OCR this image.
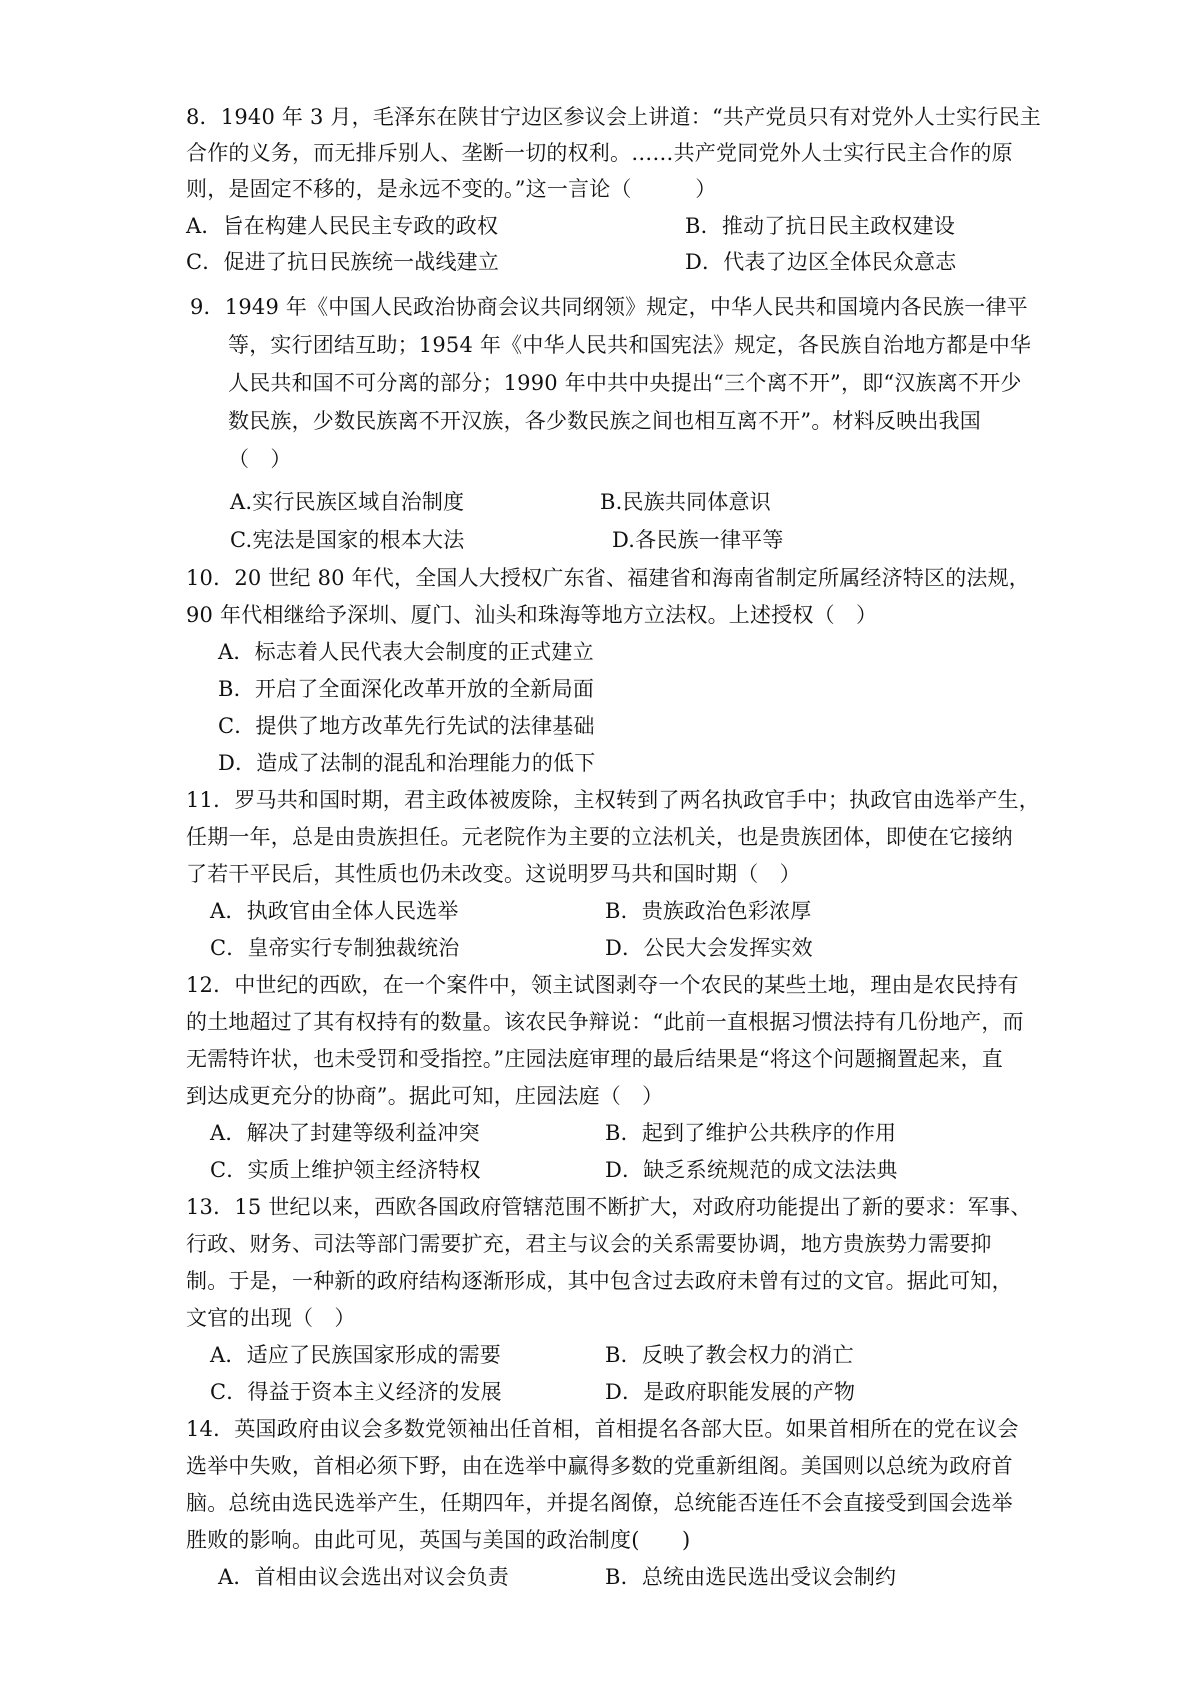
8．1940 年 3 月，毛泽东在陕甘宁边区参议会上讲道：“共产党员只有对党外人士实行民主
合作的义务，而无排斥别人、垄断一切的权利。……共产党同党外人士实行民主合作的原
则，是固定不移的，是永远不变的。”这一言论（　　　）
A．旨在构建人民民主专政的政权	B．推动了抗日民主政权建设
C．促进了抗日民族统一战线建立	D．代表了边区全体民众意志
9．1949 年《中国人民政治协商会议共同纲领》规定，中华人民共和国境内各民族一律平
等，实行团结互助；1954 年《中华人民共和国宪法》规定，各民族自治地方都是中华
人民共和国不可分离的部分；1990 年中共中央提出“三个离不开”，即“汉族离不开少
数民族，少数民族离不开汉族，各少数民族之间也相互离不开”。材料反映出我国
（　）
A.实行民族区域自治制度	B.民族共同体意识
C.宪法是国家的根本大法	D.各民族一律平等
10．20 世纪 80 年代，全国人大授权广东省、福建省和海南省制定所属经济特区的法规，
90 年代相继给予深圳、厦门、汕头和珠海等地方立法权。上述授权（　）
A．标志着人民代表大会制度的正式建立
B．开启了全面深化改革开放的全新局面
C．提供了地方改革先行先试的法律基础
D．造成了法制的混乱和治理能力的低下
11．罗马共和国时期，君主政体被废除，主权转到了两名执政官手中；执政官由选举产生，
任期一年，总是由贵族担任。元老院作为主要的立法机关，也是贵族团体，即使在它接纳
了若干平民后，其性质也仍未改变。这说明罗马共和国时期（　）
A．执政官由全体人民选举	B．贵族政治色彩浓厚
C．皇帝实行专制独裁统治	D．公民大会发挥实效
12．中世纪的西欧，在一个案件中，领主试图剥夺一个农民的某些土地，理由是农民持有
的土地超过了其有权持有的数量。该农民争辩说：“此前一直根据习惯法持有几份地产，而
无需特许状，也未受罚和受指控。”庄园法庭审理的最后结果是“将这个问题搁置起来，直
到达成更充分的协商”。据此可知，庄园法庭（　）
A．解决了封建等级利益冲突	B．起到了维护公共秩序的作用
C．实质上维护领主经济特权	D．缺乏系统规范的成文法法典
13．15 世纪以来，西欧各国政府管辖范围不断扩大，对政府功能提出了新的要求：军事、
行政、财务、司法等部门需要扩充，君主与议会的关系需要协调，地方贵族势力需要抑
制。于是，一种新的政府结构逐渐形成，其中包含过去政府未曾有过的文官。据此可知，
文官的出现（　）
A．适应了民族国家形成的需要	B．反映了教会权力的消亡
C．得益于资本主义经济的发展	D．是政府职能发展的产物
14．英国政府由议会多数党领袖出任首相，首相提名各部大臣。如果首相所在的党在议会
选举中失败，首相必须下野，由在选举中赢得多数的党重新组阁。美国则以总统为政府首
脑。总统由选民选举产生，任期四年，并提名阁僚，总统能否连任不会直接受到国会选举
胜败的影响。由此可见，英国与美国的政治制度(　　)
A．首相由议会选出对议会负责	B．总统由选民选出受议会制约
